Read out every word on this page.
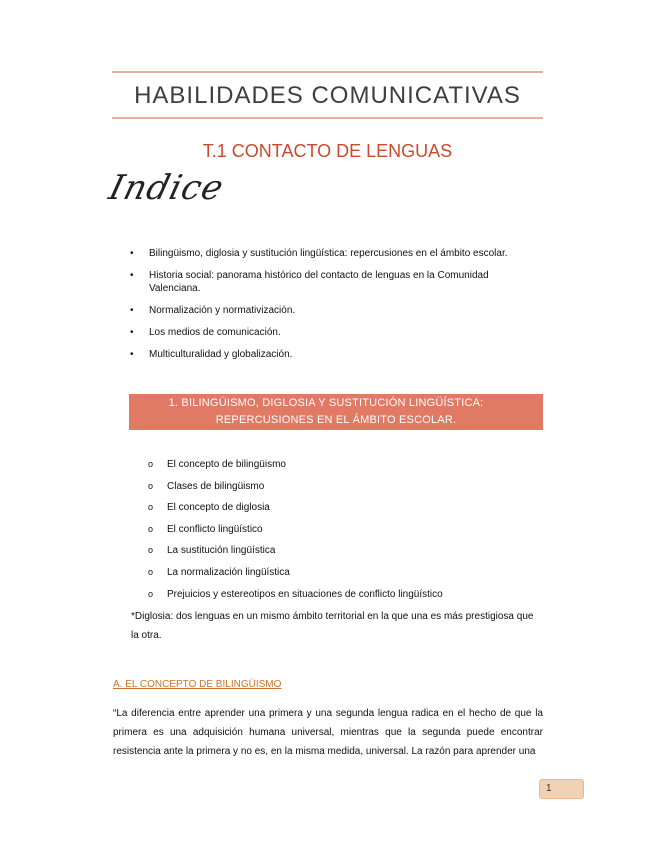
HABILIDADES COMUNICATIVAS
T.1 CONTACTO DE LENGUAS
Indice
• Bilingüismo, diglosia y sustitución lingüística: repercusiones en el ámbito escolar.
• Historia social: panorama histórico del contacto de lenguas en la Comunidad Valenciana.
• Normalización y normativización.
• Los medios de comunicación.
• Multiculturalidad y globalización.
1. BILINGÜISMO, DIGLOSIA Y SUSTITUCIÓN LINGÜÍSTICA:
REPERCUSIONES EN EL ÁMBITO ESCOLAR.
o El concepto de bilingüismo
o Clases de bilingüismo
o El concepto de diglosia
o El conflicto lingüístico
o La sustitución lingüística
o La normalización lingüística
o Prejuicios y estereotipos en situaciones de conflicto lingüístico
*Diglosia: dos lenguas en un mismo ámbito territorial en la que una es más prestigiosa que la otra.
A. EL CONCEPTO DE BILINGÜISMO
“La diferencia entre aprender una primera y una segunda lengua radica en el hecho de que la primera es una adquisición humana universal, mientras que la segunda puede encontrar resistencia ante la primera y no es, en la misma medida, universal. La razón para aprender una
1
